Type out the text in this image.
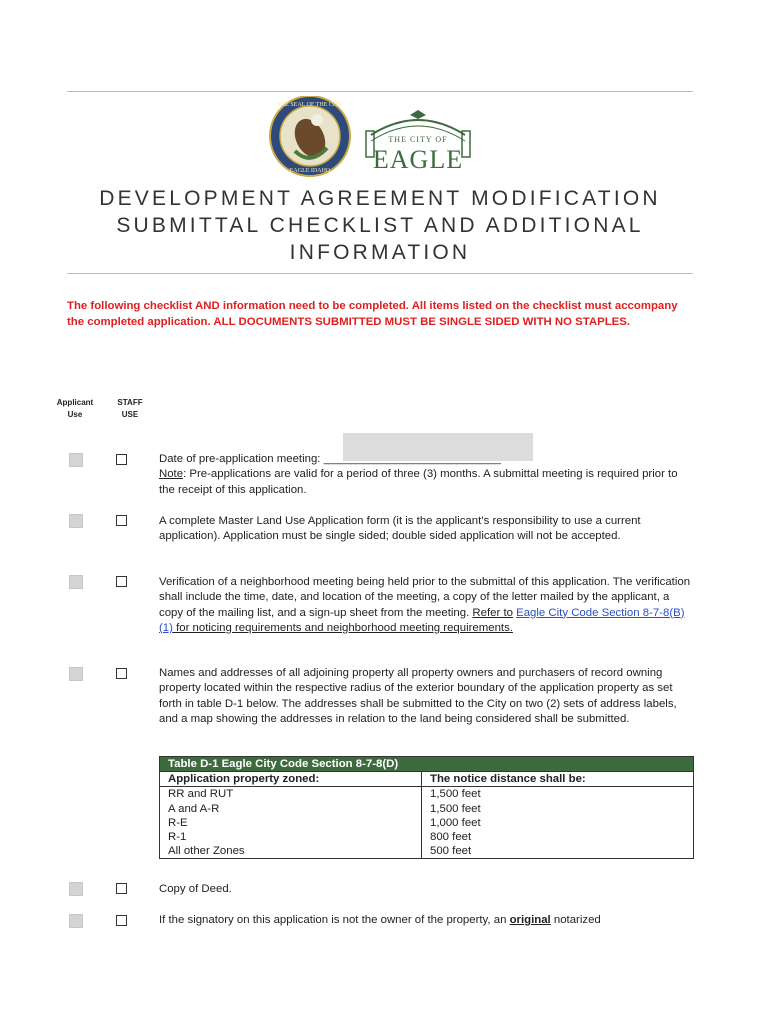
THE SEAL OF THE CITY
EAGLE IDAHO
THE CITY OF
EAGLE
DEVELOPMENT AGREEMENT MODIFICATION
SUBMITTAL CHECKLIST AND ADDITIONAL
INFORMATION
The following checklist AND information need to be completed. All items listed on the checklist must accompany the completed application. ALL DOCUMENTS SUBMITTED MUST BE SINGLE SIDED WITH NO STAPLES.
Applicant
Use
STAFF
USE
Date of pre-application meeting: ____________________________
Note: Pre-applications are valid for a period of three (3) months. A submittal meeting is required prior to the receipt of this application.
A complete Master Land Use Application form (it is the applicant’s responsibility to use a current application). Application must be single sided; double sided application will not be accepted.
Verification of a neighborhood meeting being held prior to the submittal of this application. The verification shall include the time, date, and location of the meeting, a copy of the letter mailed by the applicant, a copy of the mailing list, and a sign-up sheet from the meeting. Refer to Eagle City Code Section 8-7-8(B)(1) for noticing requirements and neighborhood meeting requirements.
Names and addresses of all adjoining property all property owners and purchasers of record owning property located within the respective radius of the exterior boundary of the application property as set forth in table D-1 below. The addresses shall be submitted to the City on two (2) sets of address labels, and a map showing the addresses in relation to the land being considered shall be submitted.
Table D-1 Eagle City Code Section 8-7-8(D)	
Application property zoned:	The notice distance shall be:
RR and RUT	1,500 feet
A and A-R	1,500 feet
R-E	1,000 feet
R-1	800 feet
All other Zones	500 feet
Copy of Deed.
If the signatory on this application is not the owner of the property, an original notarized
